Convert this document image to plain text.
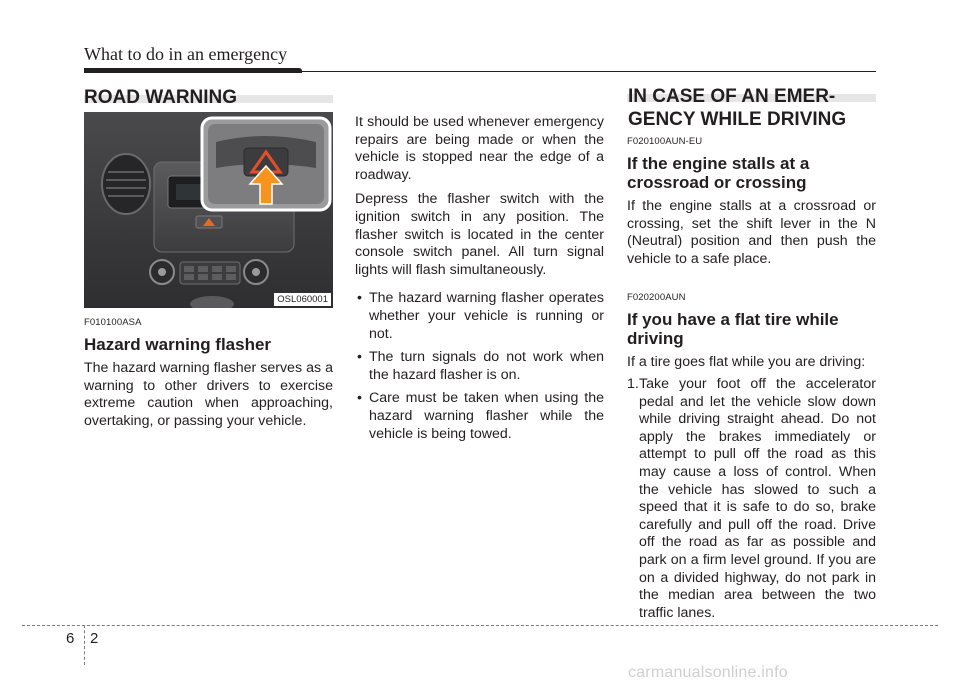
What to do in an emergency
ROAD WARNING
OSL060001
F010100ASA
Hazard warning flasher
The hazard warning flasher serves as a warning to other drivers to exercise extreme caution when approaching, overtaking, or passing your vehicle.
It should be used whenever emergency repairs are being made or when the vehicle is stopped near the edge of a roadway.
Depress the flasher switch with the ignition switch in any position. The flasher switch is located in the center console switch panel. All turn signal lights will flash simultaneously.
• The hazard warning flasher operates whether your vehicle is running or not.
• The turn signals do not work when the hazard flasher is on.
• Care must be taken when using the hazard warning flasher while the vehicle is being towed.
IN CASE OF AN EMER-
GENCY WHILE DRIVING
F020100AUN-EU
If the engine stalls at a crossroad or crossing
If the engine stalls at a crossroad or crossing, set the shift lever in the N (Neutral) position and then push the vehicle to a safe place.
F020200AUN
If you have a flat tire while driving
If a tire goes flat while you are driving:
1. Take your foot off the accelerator pedal and let the vehicle slow down while driving straight ahead. Do not apply the brakes immediately or attempt to pull off the road as this may cause a loss of control. When the vehicle has slowed to such a speed that it is safe to do so, brake carefully and pull off the road. Drive off the road as far as possible and park on a firm level ground. If you are on a divided highway, do not park in the median area between the two traffic lanes.
6 2
carmanualsonline.info
